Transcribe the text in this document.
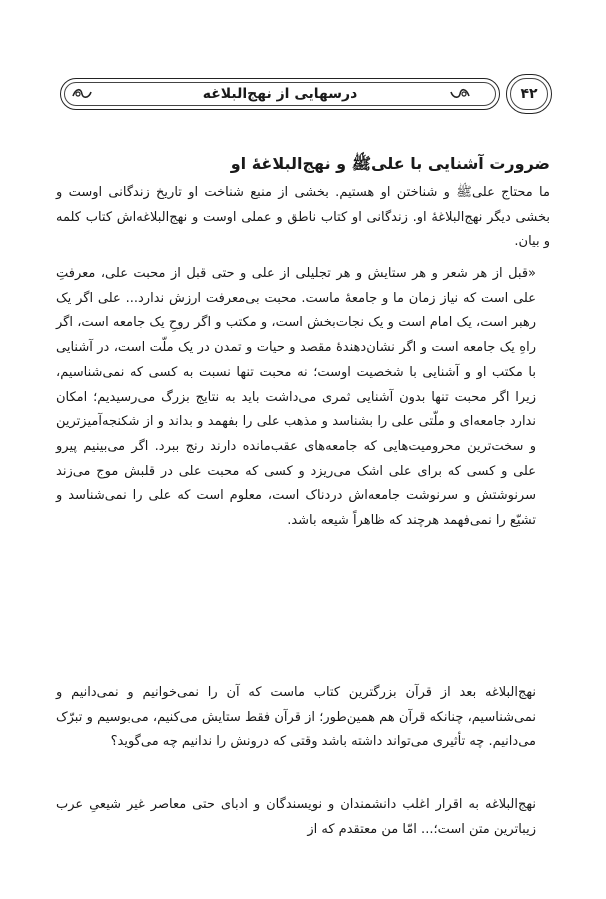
درسهایی از نهج‌البلاغه	۴۲
ضرورت آشنایی با علیﷺ و نهج‌البلاغهٔ او

ما محتاج علیﷺ و شناختن او هستیم. بخشی از منبع شناخت او تاریخ زندگانی اوست و بخشی دیگر نهج‌البلاغهٔ او. زندگانی او کتاب ناطق و عملی اوست و نهج‌البلاغه‌اش کتاب کلمه و بیان.

«قبل از هر شعر و هر ستایش و هر تجلیلی از علی و حتی قبل از محبت علی، معرفتِ علی است که نیاز زمان ما و جامعهٔ ماست. محبت بی‌معرفت ارزش ندارد... علی اگر یک رهبر است، یک امام است و یک نجات‌بخش است، و مکتب و اگر روحِ یک جامعه است، اگر راهِ یک جامعه است و اگر نشان‌دهندهٔ مقصد و حیات و تمدن در یک ملّت است، در آشنایی با مکتب او و آشنایی با شخصیت اوست؛ نه محبت تنها نسبت به کسی که نمی‌شناسیم، زیرا اگر محبت تنها بدون آشنایی ثمری می‌داشت باید به نتایج بزرگ می‌رسیدیم؛ امکان ندارد جامعه‌ای و ملّتی علی را بشناسد و مذهب علی را بفهمد و بداند و از شکنجه‌آمیزترین و سخت‌ترین محرومیت‌هایی که جامعه‌های عقب‌مانده دارند رنج ببرد. اگر می‌بینیم پیرو علی و کسی که برای علی اشک می‌ریزد و کسی که محبت علی در قلبش موج می‌زند سرنوشتش و سرنوشت جامعه‌اش دردناک است، معلوم است که علی را نمی‌شناسد و تشیّع را نمی‌فهمد هرچند که ظاهراً شیعه باشد.

نهج‌البلاغه بعد از قرآن بزرگترین کتاب ماست که آن را نمی‌خوانیم و نمی‌دانیم و نمی‌شناسیم، چنانکه قرآن هم همین‌طور؛ از قرآن فقط ستایش می‌کنیم، می‌بوسیم و تبرّک می‌دانیم. چه تأثیری می‌تواند داشته باشد وقتی که درونش را ندانیم چه می‌گوید؟

نهج‌البلاغه به اقرار اغلب دانشمندان و نویسندگان و ادبای حتی معاصر غیر شیعیِ عرب زیباترین متن است؛... امّا من معتقدم که از
